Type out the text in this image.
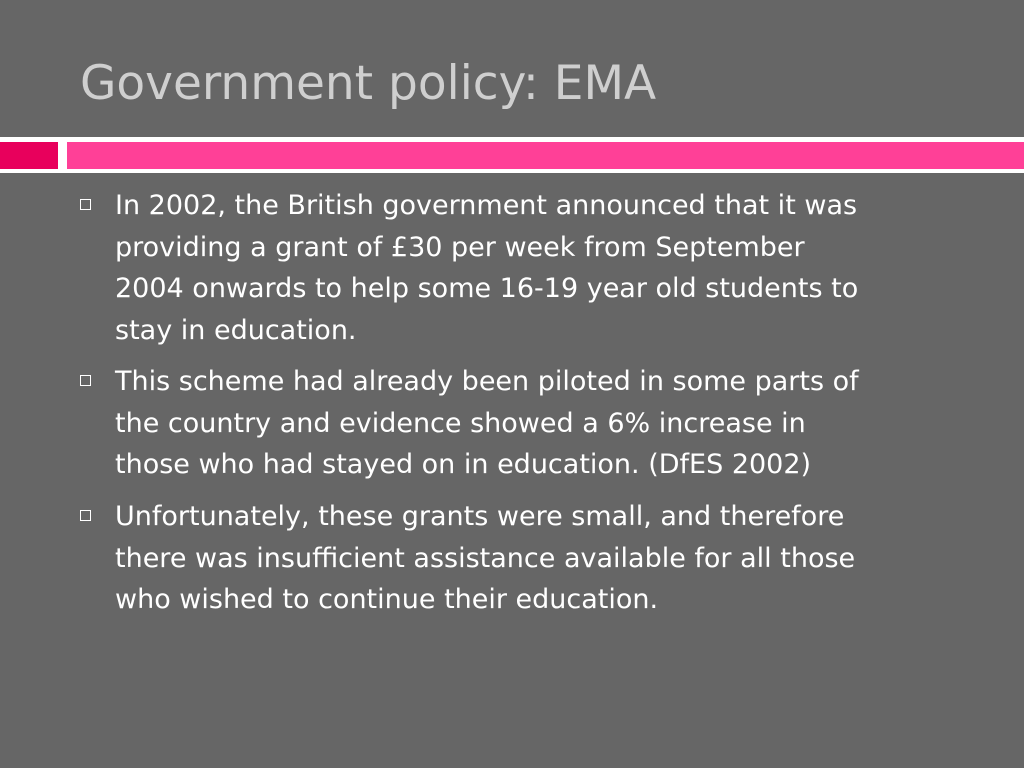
Government policy: EMA
In 2002, the British government announced that it was
providing a grant of £30 per week from September
2004 onwards to help some 16-19 year old students to
stay in education.
This scheme had already been piloted in some parts of
the country and evidence showed a 6% increase in
those who had stayed on in education. (DfES 2002)
Unfortunately, these grants were small, and therefore
there was insufficient assistance available for all those
who wished to continue their education.
